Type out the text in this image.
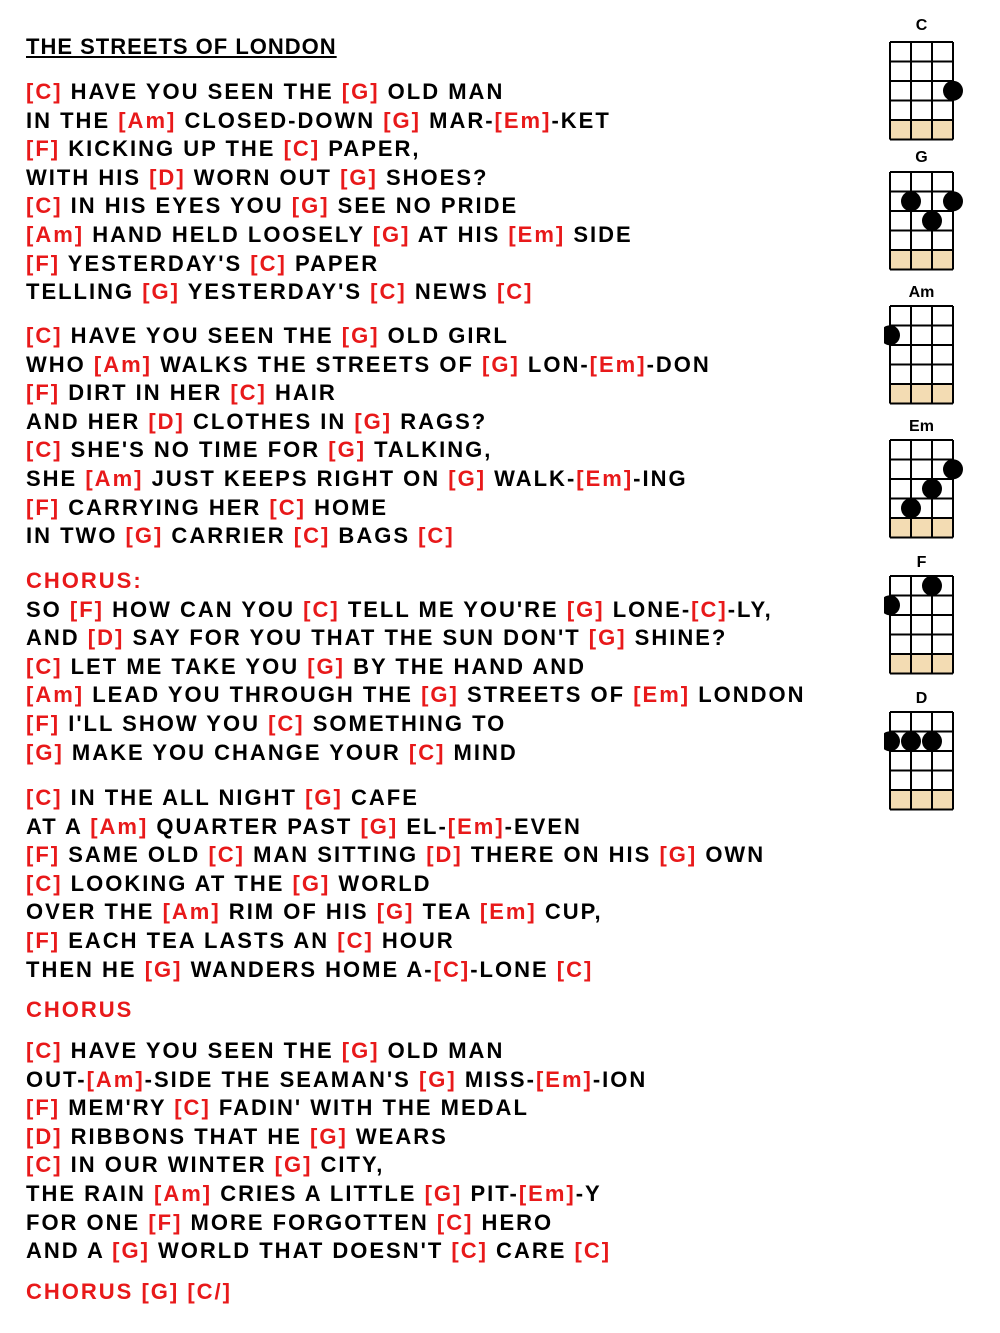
THE STREETS OF LONDON
[C] HAVE YOU SEEN THE [G] OLD MAN
IN THE [Am] CLOSED-DOWN [G] MAR-[Em]-KET
[F] KICKING UP THE [C] PAPER,
WITH HIS [D] WORN OUT [G] SHOES?
[C] IN HIS EYES YOU [G] SEE NO PRIDE
[Am] HAND HELD LOOSELY [G] AT HIS [Em] SIDE
[F] YESTERDAY'S [C] PAPER
TELLING [G] YESTERDAY'S [C] NEWS [C]
[C] HAVE YOU SEEN THE [G] OLD GIRL
WHO [Am] WALKS THE STREETS OF [G] LON-[Em]-DON
[F] DIRT IN HER [C] HAIR
AND HER [D] CLOTHES IN [G] RAGS?
[C] SHE'S NO TIME FOR [G] TALKING,
SHE [Am] JUST KEEPS RIGHT ON [G] WALK-[Em]-ING
[F] CARRYING HER [C] HOME
IN TWO [G] CARRIER [C] BAGS [C]
CHORUS:
SO [F] HOW CAN YOU [C] TELL ME YOU'RE [G] LONE-[C]-LY,
AND [D] SAY FOR YOU THAT THE SUN DON'T [G] SHINE?
[C] LET ME TAKE YOU [G] BY THE HAND AND
[Am] LEAD YOU THROUGH THE [G] STREETS OF [Em] LONDON
[F] I'LL SHOW YOU [C] SOMETHING TO
[G] MAKE YOU CHANGE YOUR [C] MIND
[C] IN THE ALL NIGHT [G] CAFE
AT A [Am] QUARTER PAST [G] EL-[Em]-EVEN
[F] SAME OLD [C] MAN SITTING [D] THERE ON HIS [G] OWN
[C] LOOKING AT THE [G] WORLD
OVER THE [Am] RIM OF HIS [G] TEA [Em] CUP,
[F] EACH TEA LASTS AN [C] HOUR
THEN HE [G] WANDERS HOME A-[C]-LONE [C]
CHORUS
[C] HAVE YOU SEEN THE [G] OLD MAN
OUT-[Am]-SIDE THE SEAMAN'S [G] MISS-[Em]-ION
[F] MEM'RY [C] FADIN' WITH THE MEDAL
[D] RIBBONS THAT HE [G] WEARS
[C] IN OUR WINTER [G] CITY,
THE RAIN [Am] CRIES A LITTLE [G] PIT-[Em]-Y
FOR ONE [F] MORE FORGOTTEN [C] HERO
AND A [G] WORLD THAT DOESN'T [C] CARE [C]
CHORUS [G] [C/]
C
G
Am
Em
F
D
